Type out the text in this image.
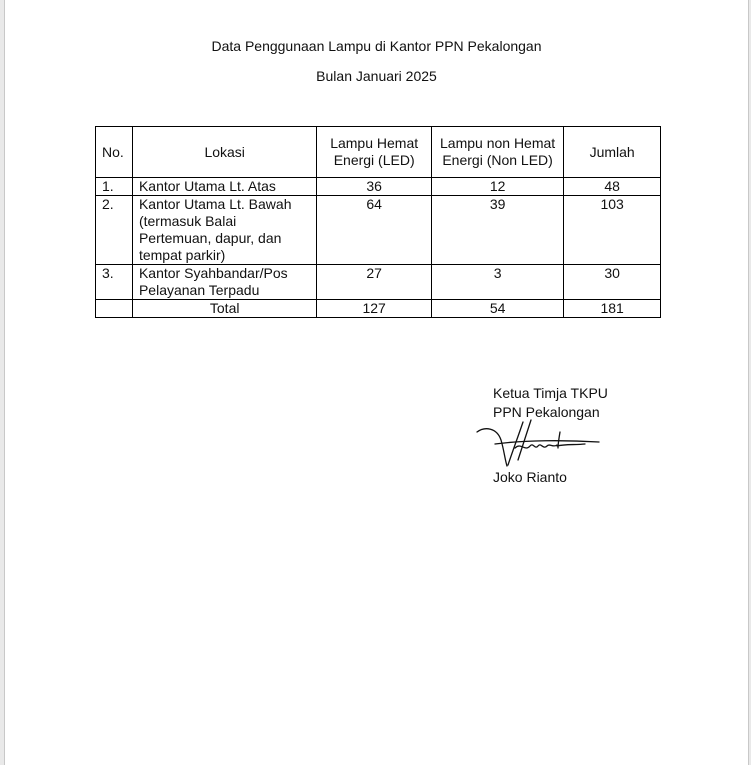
Data Penggunaan Lampu di Kantor PPN Pekalongan
Bulan Januari 2025
No.	Lokasi	Lampu Hemat Energi (LED)	Lampu non Hemat Energi (Non LED)	Jumlah
1.	Kantor Utama Lt. Atas	36	12	48
2.	Kantor Utama Lt. Bawah (termasuk Balai Pertemuan, dapur, dan tempat parkir)	64	39	103
3.	Kantor Syahbandar/Pos Pelayanan Terpadu	27	3	30
	Total	127	54	181
Ketua Timja TKPU
PPN Pekalongan
Joko Rianto
